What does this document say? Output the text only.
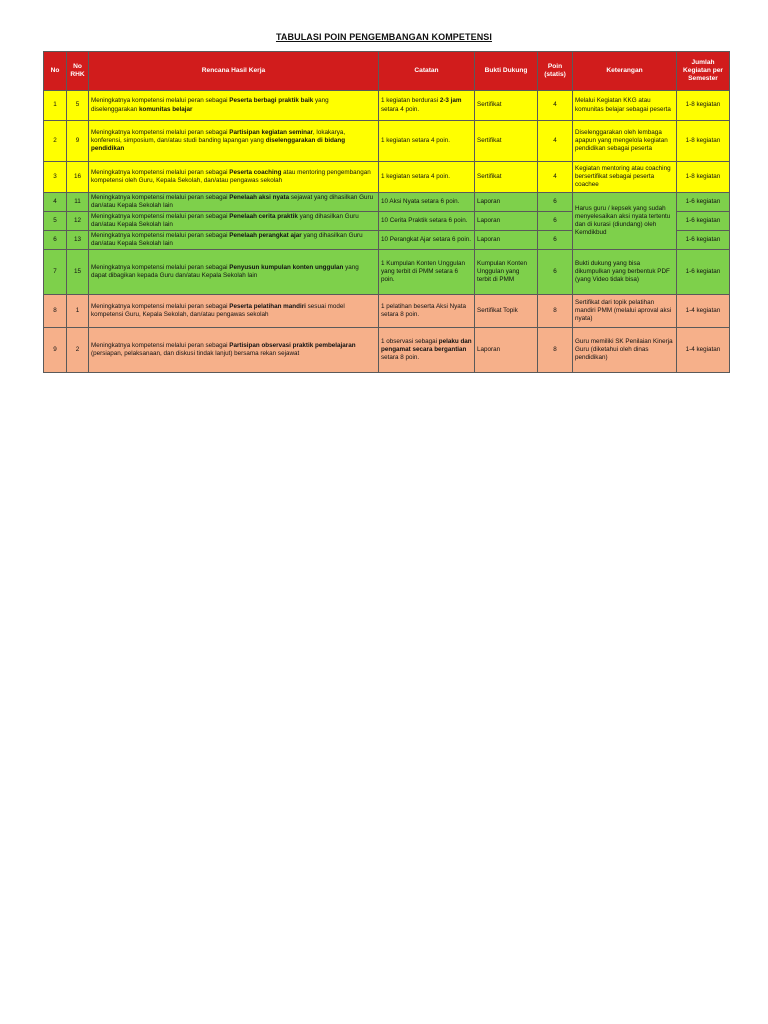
TABULASI POIN PENGEMBANGAN KOMPETENSI
No	No RHK	Rencana Hasil Kerja	Catatan	Bukti Dukung	Poin (statis)	Keterangan	Jumlah Kegiatan per Semester
1	5	Meningkatnya kompetensi melalui peran sebagai Peserta berbagi praktik baik yang diselenggarakan komunitas belajar	1 kegiatan berdurasi 2-3 jam setara 4 poin.	Sertifikat	4	Melalui Kegiatan KKG atau komunitas belajar sebagai peserta	1-8 kegiatan
2	9	Meningkatnya kompetensi melalui peran sebagai Partisipan kegiatan seminar, lokakarya, konferensi, simposium, dan/atau studi banding lapangan yang diselenggarakan di bidang pendidikan	1 kegiatan setara 4 poin.	Sertifikat	4	Diselenggarakan oleh lembaga apapun yang mengelola kegiatan pendidikan sebagai peserta	1-8 kegiatan
3	16	Meningkatnya kompetensi melalui peran sebagai Peserta coaching atau mentoring pengembangan kompetensi oleh Guru, Kepala Sekolah, dan/atau pengawas sekolah	1 kegiatan setara 4 poin.	Sertifikat	4	Kegiatan mentoring atau coaching bersertifikat sebagai peserta coachee	1-8 kegiatan
4	11	Meningkatnya kompetensi melalui peran sebagai Penelaah aksi nyata sejawat yang dihasilkan Guru dan/atau Kepala Sekolah lain	10 Aksi Nyata setara 6 poin.	Laporan	6	Harus guru / kepsek yang sudah menyelesaikan aksi nyata tertentu dan di kurasi (diundang) oleh Kemdikbud	1-6 kegiatan
5	12	Meningkatnya kompetensi melalui peran sebagai Penelaah cerita praktik yang dihasilkan Guru dan/atau Kepala Sekolah lain	10 Cerita Praktik setara 6 poin.	Laporan	6		1-6 kegiatan
6	13	Meningkatnya kompetensi melalui peran sebagai Penelaah perangkat ajar yang dihasilkan Guru dan/atau Kepala Sekolah lain	10 Perangkat Ajar setara 6 poin.	Laporan	6		1-6 kegiatan
7	15	Meningkatnya kompetensi melalui peran sebagai Penyusun kumpulan konten unggulan yang dapat dibagikan kepada Guru dan/atau Kepala Sekolah lain	1 Kumpulan Konten Unggulan yang terbit di PMM setara 6 poin.	Kumpulan Konten Unggulan yang terbit di PMM	6	Bukti dukung yang bisa dikumpulkan yang berbentuk PDF (yang Video tidak bisa)	1-6 kegiatan
8	1	Meningkatnya kompetensi melalui peran sebagai Peserta pelatihan mandiri sesuai model kompetensi Guru, Kepala Sekolah, dan/atau pengawas sekolah	1 pelatihan beserta Aksi Nyata setara 8 poin.	Sertifikat Topik	8	Sertifikat dari topik pelatihan mandiri PMM (melalui aproval aksi nyata)	1-4 kegiatan
9	2	Meningkatnya kompetensi melalui peran sebagai Partisipan observasi praktik pembelajaran (persiapan, pelaksanaan, dan diskusi tindak lanjut) bersama rekan sejawat	1 observasi sebagai pelaku dan pengamat secara bergantian setara 8 poin.	Laporan	8	Guru memiliki SK Penilaian Kinerja Guru (diketahui oleh dinas pendidikan)	1-4 kegiatan
